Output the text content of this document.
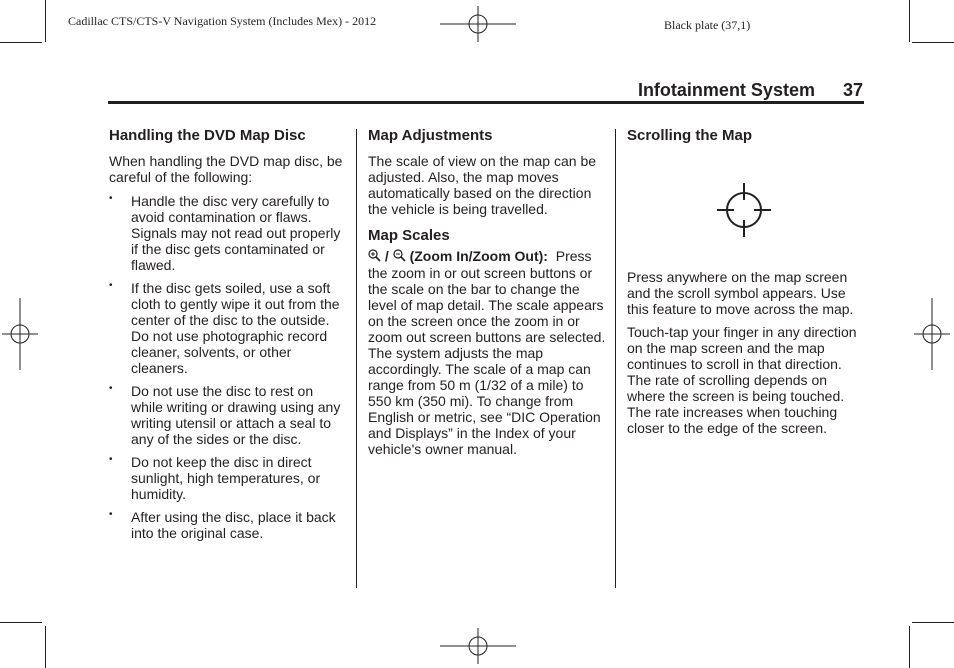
Cadillac CTS/CTS-V Navigation System (Includes Mex) - 2012	Black plate (37,1)
Infotainment System 37
Handling the DVD Map Disc

When handling the DVD map disc, be careful of the following:

• Handle the disc very carefully to avoid contamination or flaws. Signals may not read out properly if the disc gets contaminated or flawed.
• If the disc gets soiled, use a soft cloth to gently wipe it out from the center of the disc to the outside. Do not use photographic record cleaner, solvents, or other cleaners.
• Do not use the disc to rest on while writing or drawing using any writing utensil or attach a seal to any of the sides or the disc.
• Do not keep the disc in direct sunlight, high temperatures, or humidity.
• After using the disc, place it back into the original case.
Map Adjustments

The scale of view on the map can be adjusted. Also, the map moves automatically based on the direction the vehicle is being travelled.

Map Scales

/ (Zoom In/Zoom Out): Press the zoom in or out screen buttons or the scale on the bar to change the level of map detail. The scale appears on the screen once the zoom in or zoom out screen buttons are selected. The system adjusts the map accordingly. The scale of a map can range from 50 m (1/32 of a mile) to 550 km (350 mi). To change from English or metric, see “DIC Operation and Displays” in the Index of your vehicle's owner manual.

Scrolling the Map

Press anywhere on the map screen and the scroll symbol appears. Use this feature to move across the map.

Touch-tap your finger in any direction on the map screen and the map continues to scroll in that direction. The rate of scrolling depends on where the screen is being touched. The rate increases when touching closer to the edge of the screen.
